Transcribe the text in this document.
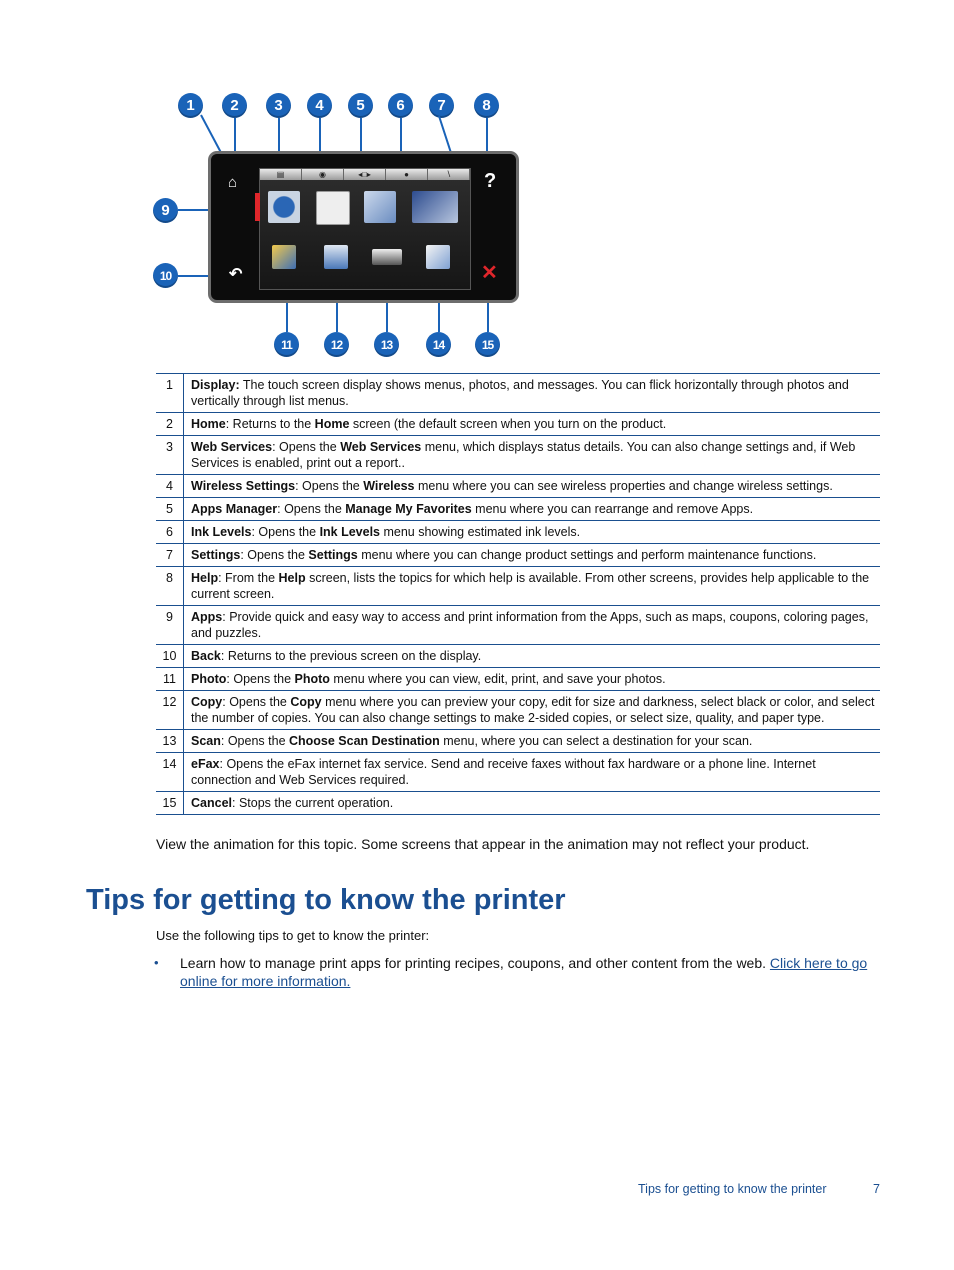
1	2	3	4	5	6	7	8
9
10
11	12	13	14	15
⌂	?
↶	✕
▤	◉	◂□▸	●	∖
1	Display: The touch screen display shows menus, photos, and messages. You can flick horizontally through photos and vertically through list menus.
2	Home: Returns to the Home screen (the default screen when you turn on the product.
3	Web Services: Opens the Web Services menu, which displays status details. You can also change settings and, if Web Services is enabled, print out a report..
4	Wireless Settings: Opens the Wireless menu where you can see wireless properties and change wireless settings.
5	Apps Manager: Opens the Manage My Favorites menu where you can rearrange and remove Apps.
6	Ink Levels: Opens the Ink Levels menu showing estimated ink levels.
7	Settings: Opens the Settings menu where you can change product settings and perform maintenance functions.
8	Help: From the Help screen, lists the topics for which help is available. From other screens, provides help applicable to the current screen.
9	Apps: Provide quick and easy way to access and print information from the Apps, such as maps, coupons, coloring pages, and puzzles.
10	Back: Returns to the previous screen on the display.
11	Photo: Opens the Photo menu where you can view, edit, print, and save your photos.
12	Copy: Opens the Copy menu where you can preview your copy, edit for size and darkness, select black or color, and select the number of copies. You can also change settings to make 2-sided copies, or select size, quality, and paper type.
13	Scan: Opens the Choose Scan Destination menu, where you can select a destination for your scan.
14	eFax: Opens the eFax internet fax service. Send and receive faxes without fax hardware or a phone line. Internet connection and Web Services required.
15	Cancel: Stops the current operation.
View the animation for this topic. Some screens that appear in the animation may not reflect your product.
Tips for getting to know the printer
Use the following tips to get to know the printer:
• Learn how to manage print apps for printing recipes, coupons, and other content from the web. Click here to go online for more information.
Tips for getting to know the printer	7
